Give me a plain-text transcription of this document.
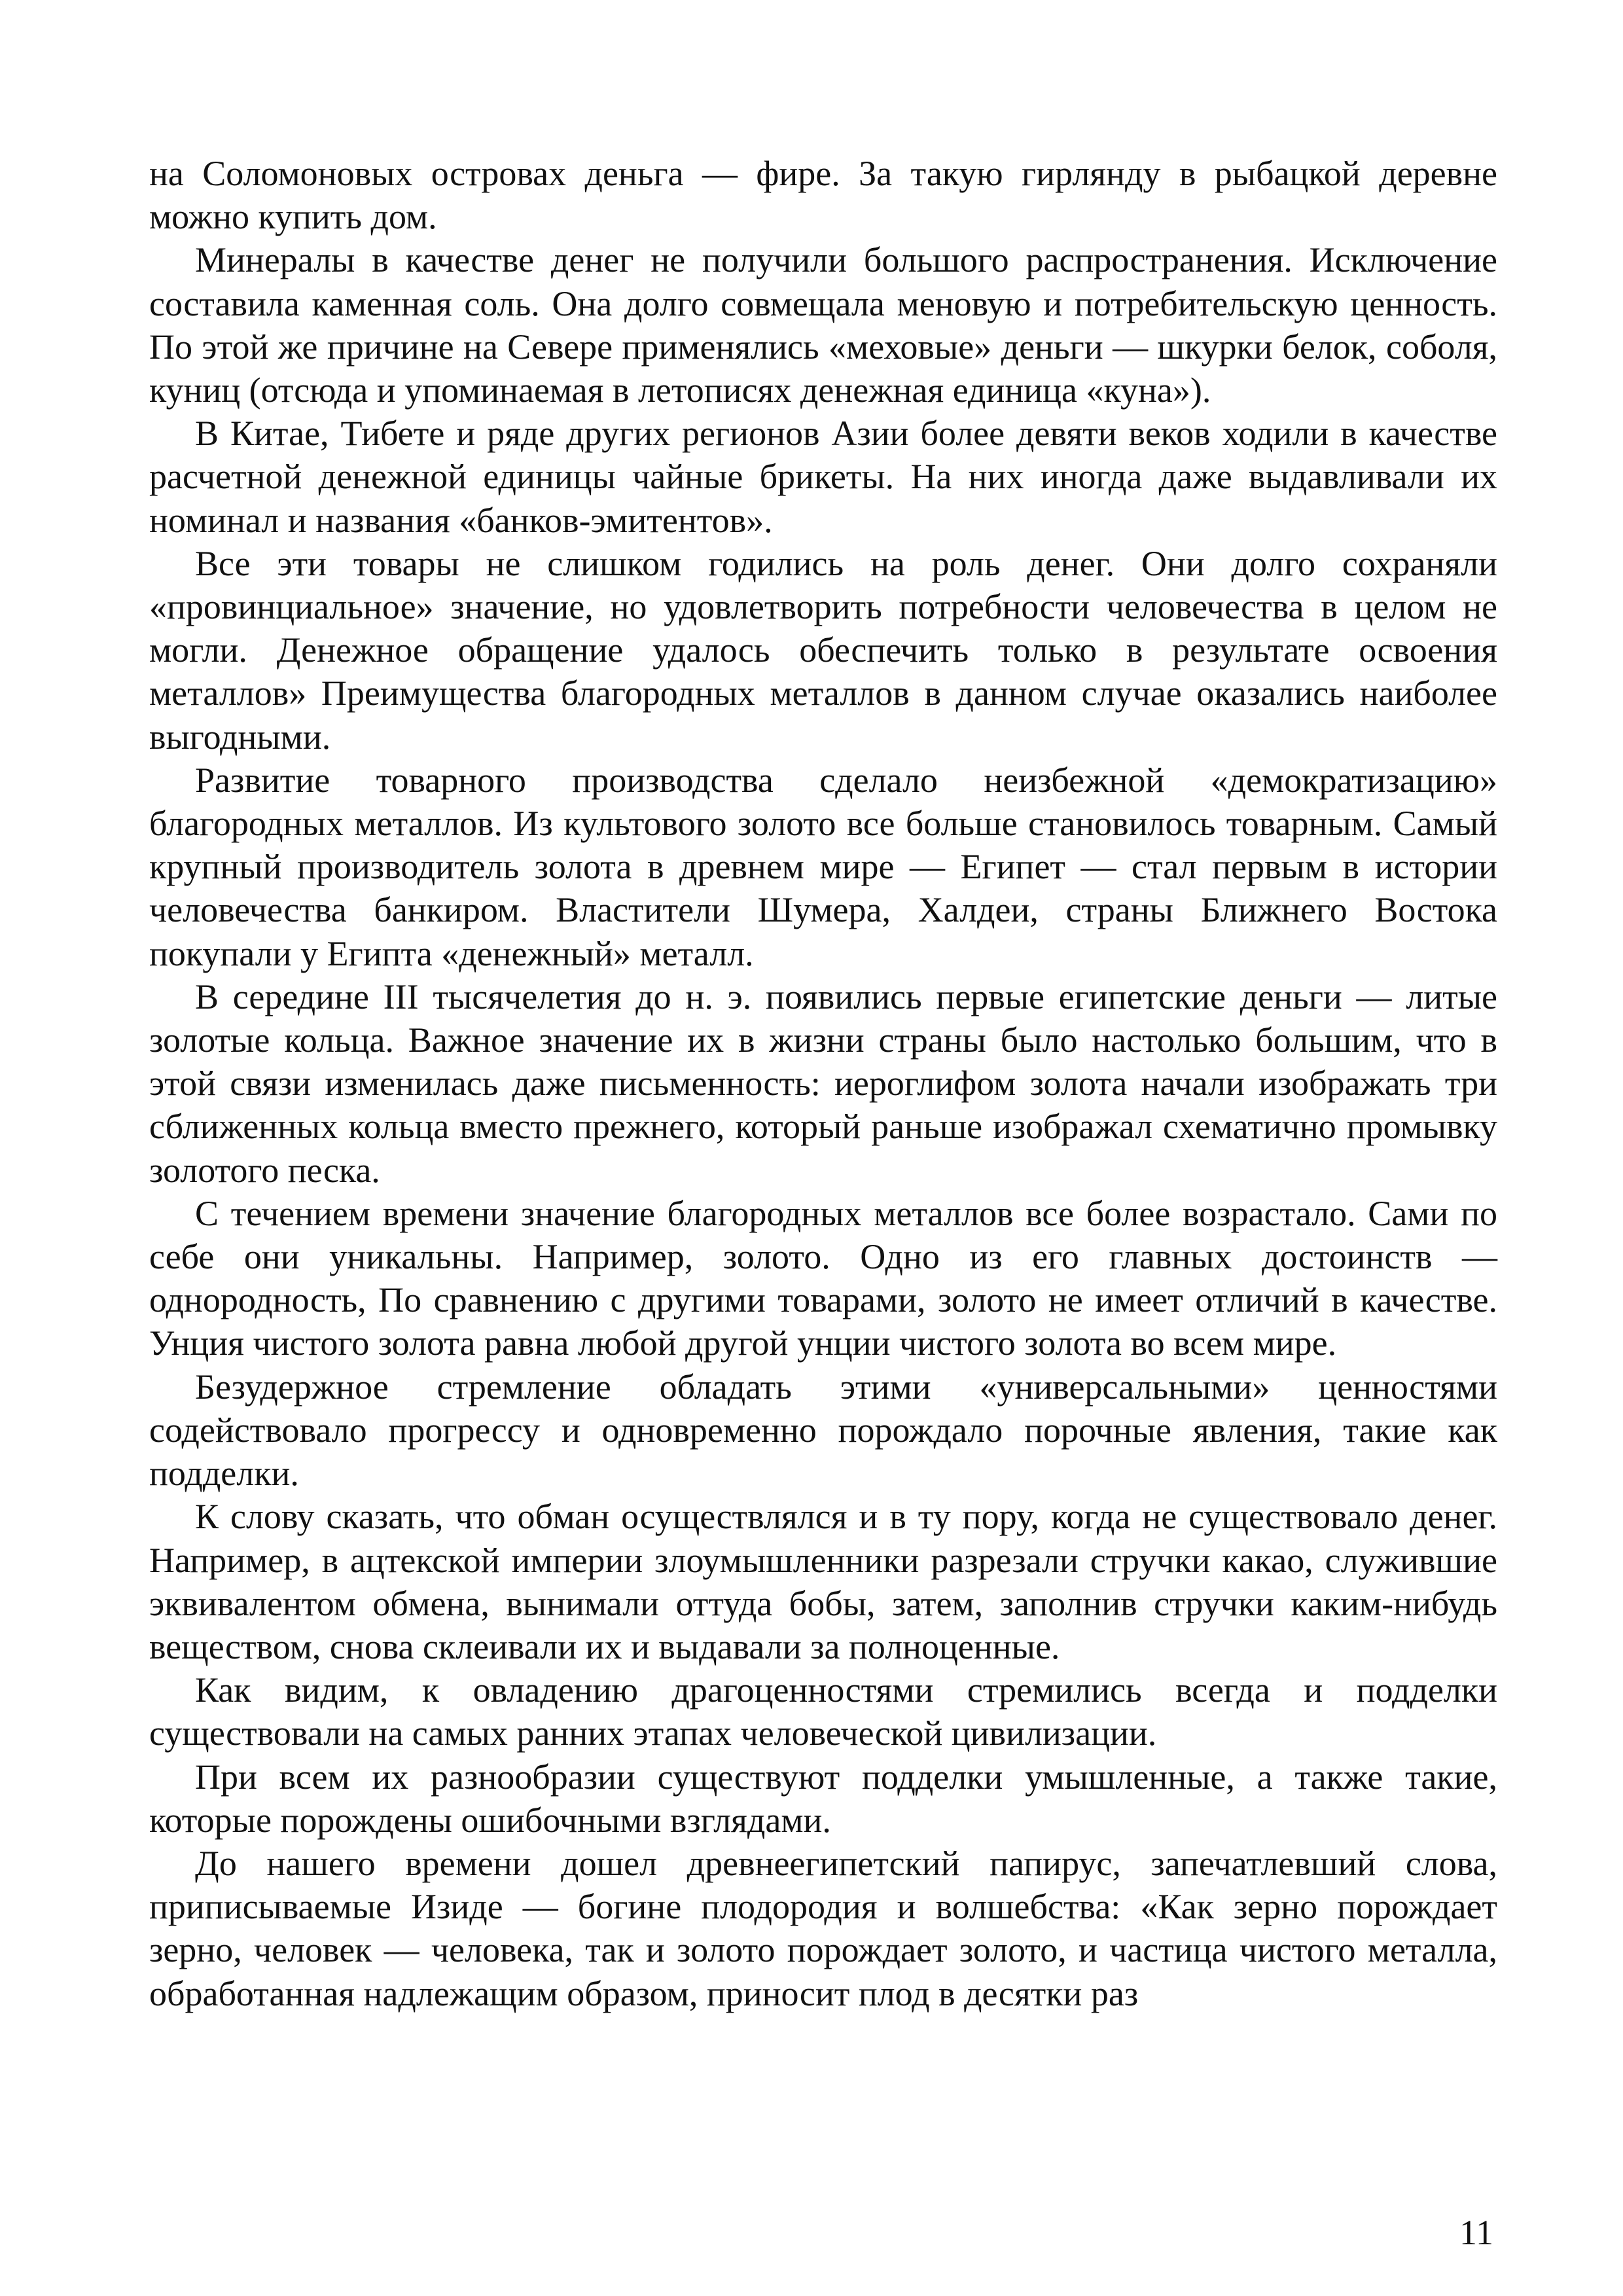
на Соломоновых островах деньга — фире. За такую гирлянду в рыбацкой деревне можно купить дом.

Минералы в качестве денег не получили большого распространения. Исключение составила каменная соль. Она долго совмещала меновую и потребительскую ценность. По этой же причине на Севере применялись «меховые» деньги — шкурки белок, соболя, куниц (отсюда и упоминаемая в летописях денежная единица «куна»).

В Китае, Тибете и ряде других регионов Азии более девяти веков ходили в качестве расчетной денежной единицы чайные брикеты. На них иногда даже выдавливали их номинал и названия «банков-эмитентов».

Все эти товары не слишком годились на роль денег. Они долго сохраняли «провинциальное» значение, но удовлетворить потребности человечества в целом не могли. Денежное обращение удалось обеспечить только в результате освоения металлов» Преимущества благородных металлов в данном случае оказались наиболее выгодными.

Развитие товарного производства сделало неизбежной «демократизацию» благородных металлов. Из культового золото все больше становилось товарным. Самый крупный производитель золота в древнем мире — Египет — стал первым в истории человечества банкиром. Властители Шумера, Халдеи, страны Ближнего Востока покупали у Египта «денежный» металл.

В середине III тысячелетия до н. э. появились первые египетские деньги — литые золотые кольца. Важное значение их в жизни страны было настолько большим, что в этой связи изменилась даже письменность: иероглифом золота начали изображать три сближенных кольца вместо прежнего, который раньше изображал схематично промывку золотого песка.

С течением времени значение благородных металлов все более возрастало. Сами по себе они уникальны. Например, золото. Одно из его главных достоинств — однородность, По сравнению с другими товарами, золото не имеет отличий в качестве. Унция чистого золота равна любой другой унции чистого золота во всем мире.

Безудержное стремление обладать этими «универсальными» ценностями содействовало прогрессу и одновременно порождало порочные явления, такие как подделки.

К слову сказать, что обман осуществлялся и в ту пору, когда не существовало денег. Например, в ацтекской империи злоумышленники разрезали стручки какао, служившие эквивалентом обмена, вынимали оттуда бобы, затем, заполнив стручки каким-нибудь веществом, снова склеивали их и выдавали за полноценные.

Как видим, к овладению драгоценностями стремились всегда и подделки существовали на самых ранних этапах человеческой цивилизации.

При всем их разнообразии существуют подделки умышленные, а также такие, которые порождены ошибочными взглядами.

До нашего времени дошел древнеегипетский папирус, запечатлевший слова, приписываемые Изиде — богине плодородия и волшебства: «Как зерно порождает зерно, человек — человека, так и золото порождает золото, и частица чистого металла, обработанная надлежащим образом, приносит плод в десятки раз

11
